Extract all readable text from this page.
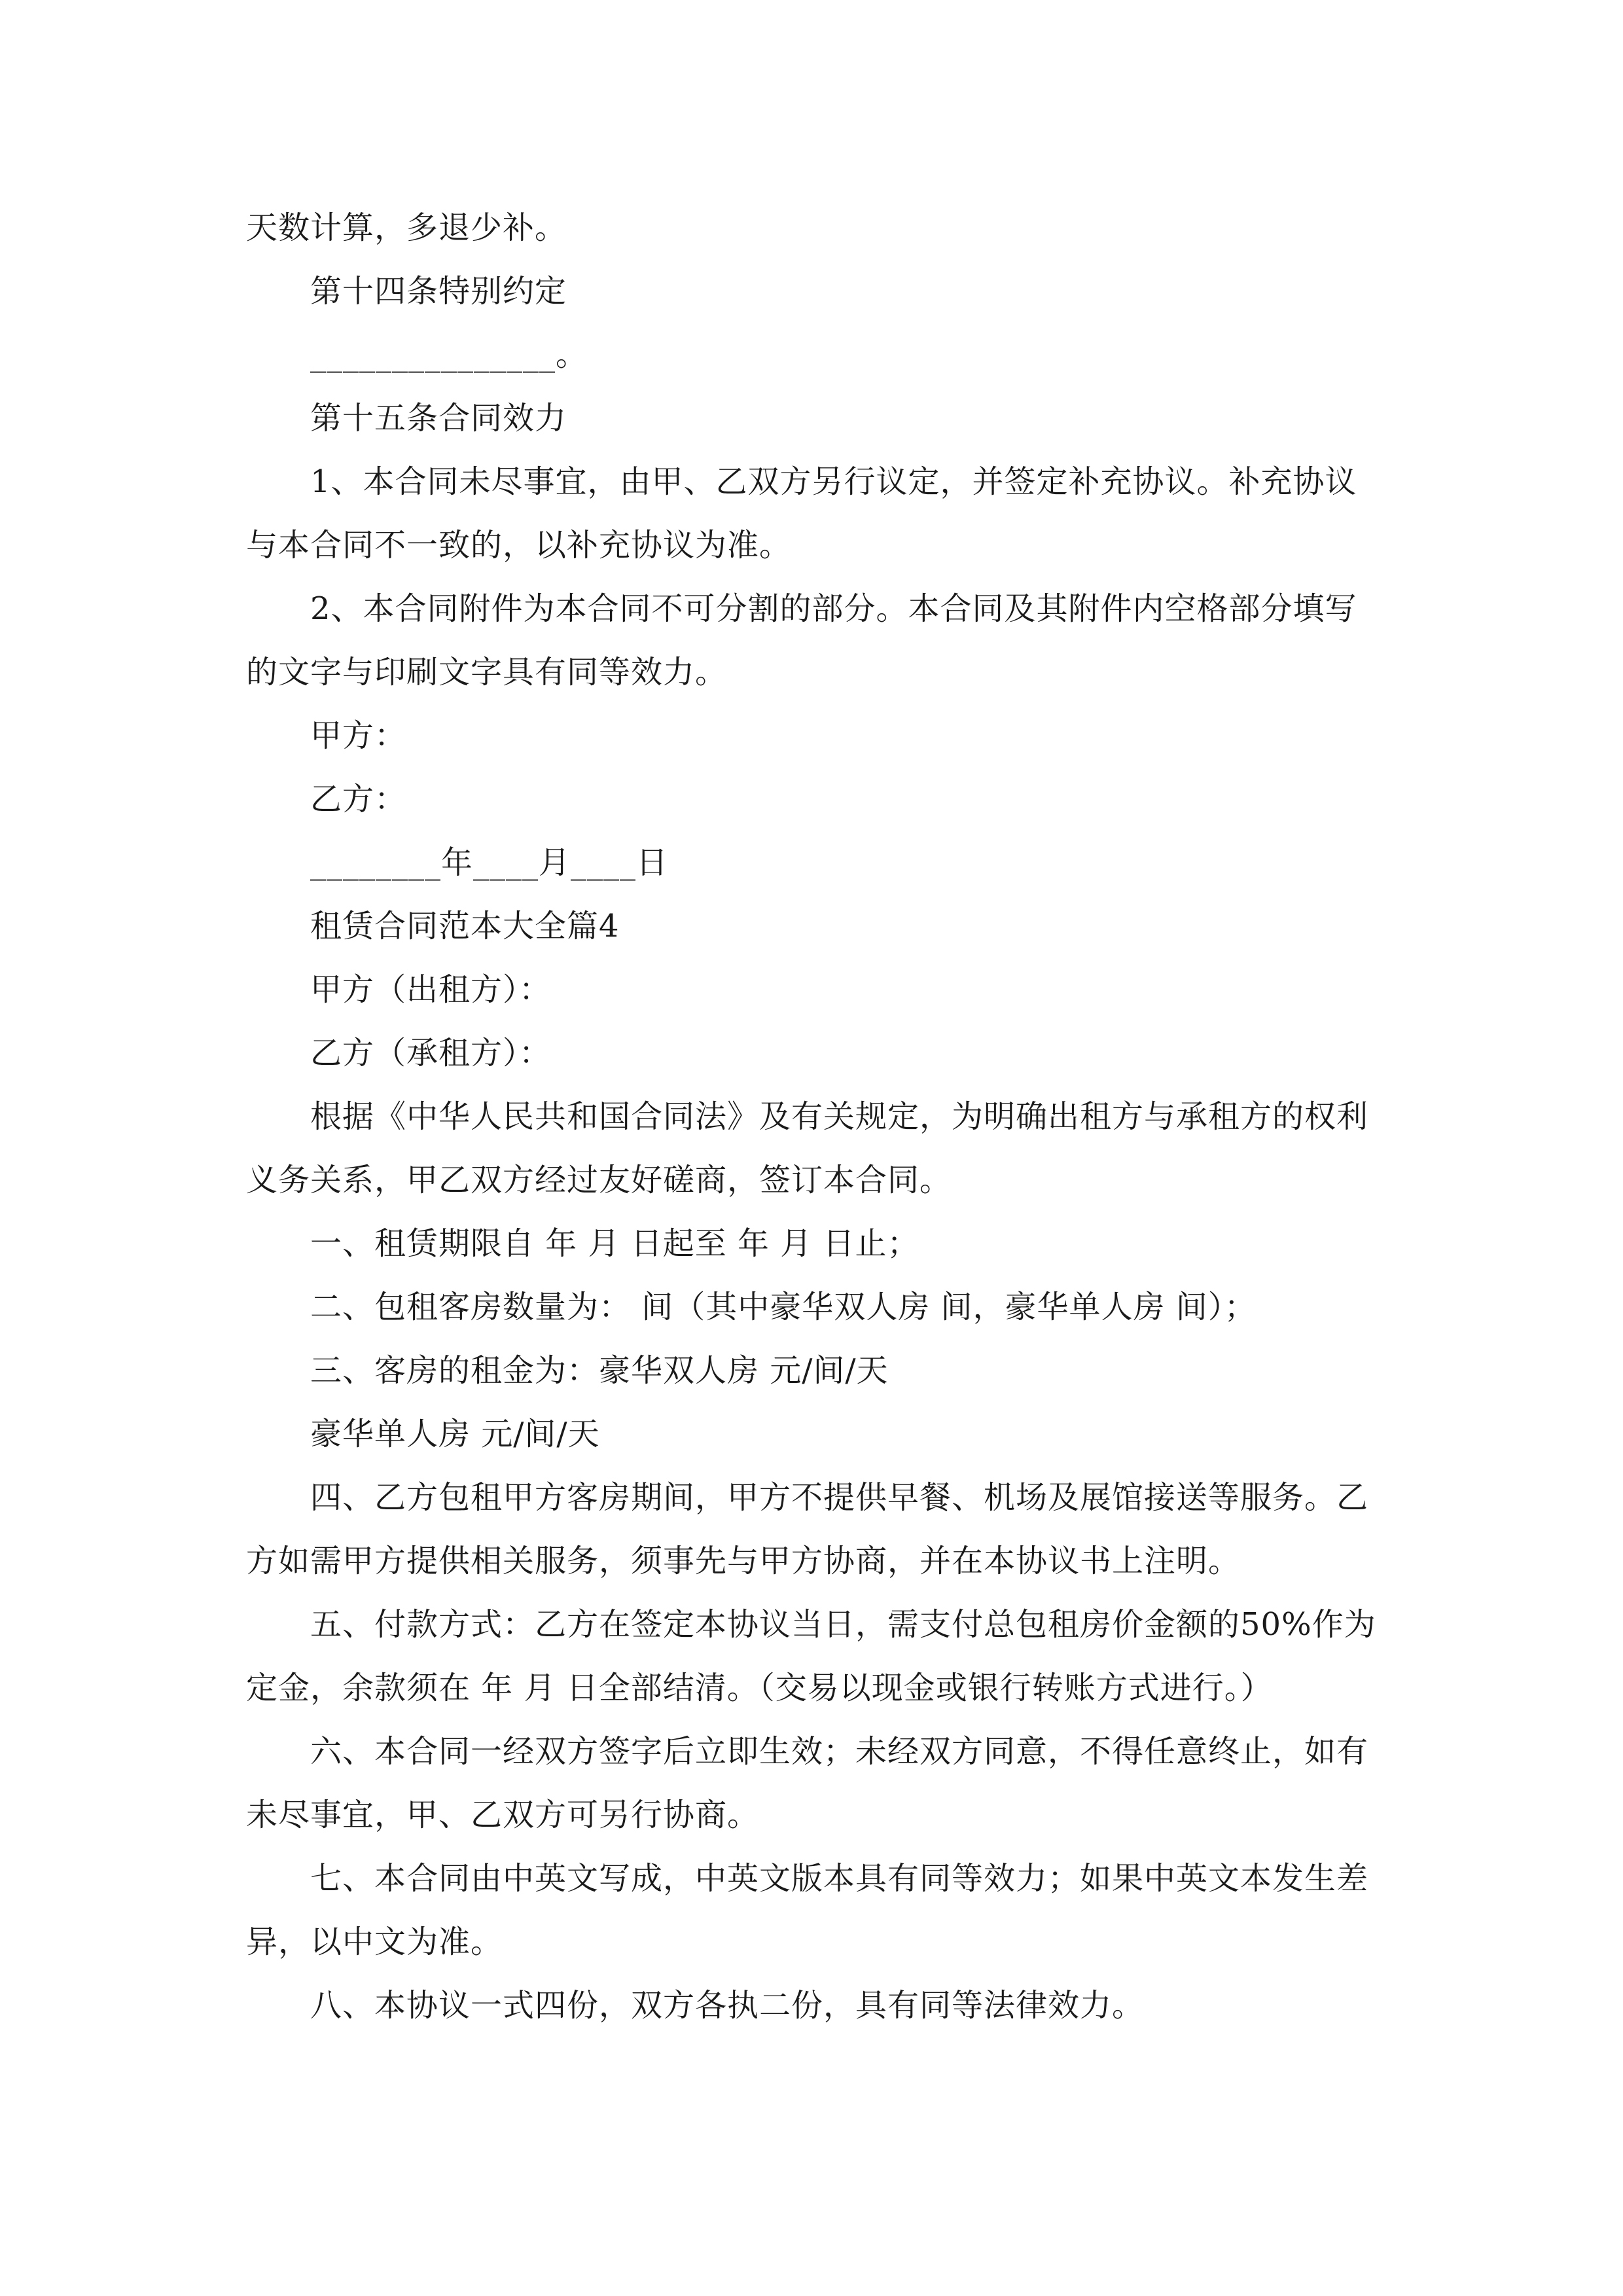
天数计算，多退少补。

第十四条特别约定

_______________。

第十五条合同效力

1、本合同未尽事宜，由甲、乙双方另行议定，并签定补充协议。补充协议与本合同不一致的，以补充协议为准。

2、本合同附件为本合同不可分割的部分。本合同及其附件内空格部分填写的文字与印刷文字具有同等效力。

甲方：

乙方：

________年____月____日

租赁合同范本大全篇4

甲方（出租方）：

乙方（承租方）：

根据《中华人民共和国合同法》及有关规定，为明确出租方与承租方的权利义务关系，甲乙双方经过友好磋商，签订本合同。

一、租赁期限自 年 月 日起至 年 月 日止；

二、包租客房数量为： 间（其中豪华双人房 间，豪华单人房 间）；

三、客房的租金为：豪华双人房 元/间/天

豪华单人房 元/间/天

四、乙方包租甲方客房期间，甲方不提供早餐、机场及展馆接送等服务。乙方如需甲方提供相关服务，须事先与甲方协商，并在本协议书上注明。

五、付款方式：乙方在签定本协议当日，需支付总包租房价金额的50%作为定金，余款须在 年 月 日全部结清。（交易以现金或银行转账方式进行。）

六、本合同一经双方签字后立即生效；未经双方同意，不得任意终止，如有未尽事宜，甲、乙双方可另行协商。

七、本合同由中英文写成，中英文版本具有同等效力；如果中英文本发生差异，以中文为准。

八、本协议一式四份，双方各执二份，具有同等法律效力。
